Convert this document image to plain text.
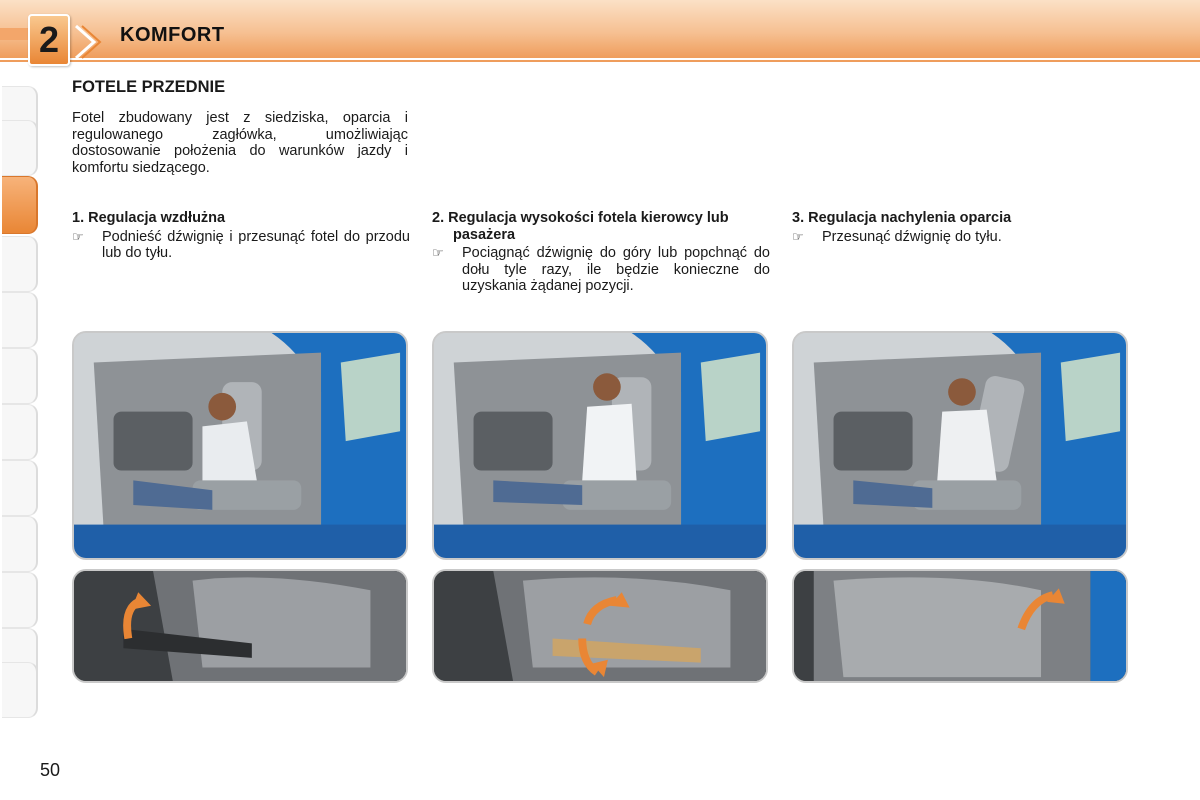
2	KOMFORT
FOTELE PRZEDNIE
Fotel zbudowany jest z siedziska, oparcia i regulowanego zagłówka, umożliwiając dostosowanie położenia do warunków jazdy i komfortu siedzącego.
1. Regulacja wzdłużna
☞ Podnieść dźwignię i przesunąć fotel do przodu lub do tyłu.
2. Regulacja wysokości fotela kierowcy lub pasażera
☞ Pociągnąć dźwignię do góry lub popchnąć do dołu tyle razy, ile będzie konieczne do uzyskania żądanej pozycji.
3. Regulacja nachylenia oparcia
☞ Przesunąć dźwignię do tyłu.
50
